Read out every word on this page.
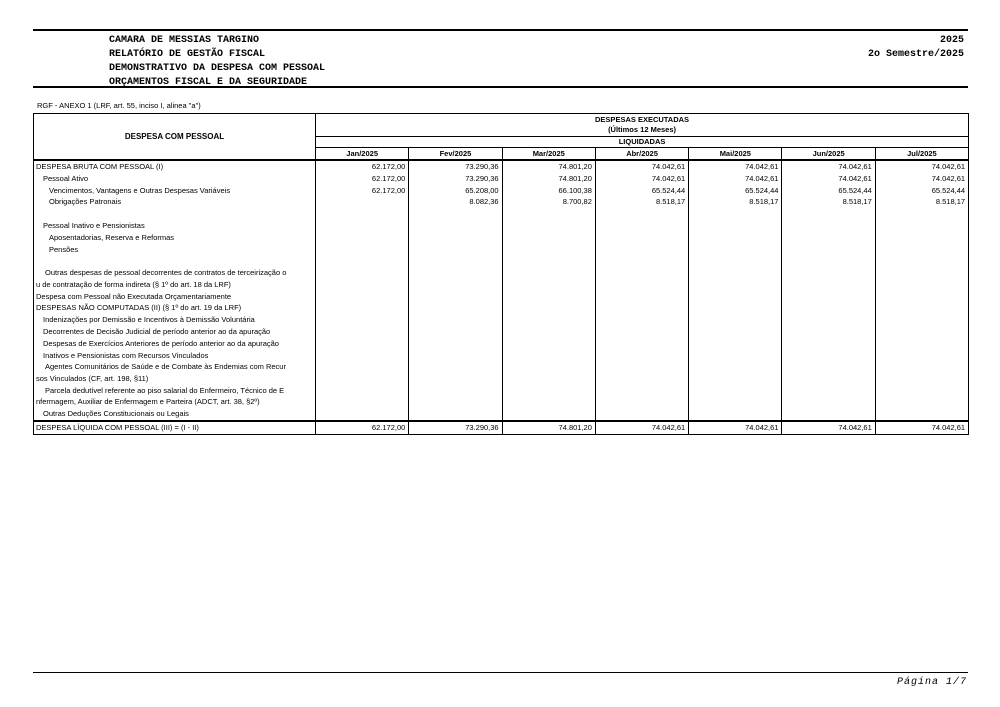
CAMARA DE MESSIAS TARGINO
RELATÓRIO DE GESTÃO FISCAL
DEMONSTRATIVO DA DESPESA COM PESSOAL
ORÇAMENTOS FISCAL E DA SEGURIDADE
2025
2o Semestre/2025
RGF - ANEXO 1 (LRF, art. 55, inciso I, alinea "a")
DESPESA COM PESSOAL	DESPESAS EXECUTADAS
(Últimos 12 Meses)						

	LIQUIDADAS						
	Jan/2025	Fev/2025	Mar/2025	Abr/2025	Mai/2025	Jun/2025	Jul/2025
DESPESA BRUTA COM PESSOAL (I)	62.172,00	73.290,36	74.801,20	74.042,61	74.042,61	74.042,61	74.042,61
Pessoal Ativo	62.172,00	73.290,36	74.801,20	74.042,61	74.042,61	74.042,61	74.042,61
Vencimentos, Vantagens e Outras Despesas Variáveis	62.172,00	65.208,00	66.100,38	65.524,44	65.524,44	65.524,44	65.524,44
Obrigações Patronais		8.082,36	8.700,82	8.518,17	8.518,17	8.518,17	8.518,17

Pessoal Inativo e Pensionistas							
Aposentadorias, Reserva e Reformas							
Pensões							

Outras despesas de pessoal decorrentes de contratos de terceirização o
u de contratação de forma indireta (§ 1º do art. 18 da LRF)							

Despesa com Pessoal não Executada Orçamentariamente							
DESPESAS NÃO COMPUTADAS (II) (§ 1º do art. 19 da LRF)							
Indenizações por Demissão e Incentivos à Demissão Voluntária							
Decorrentes de Decisão Judicial de período anterior ao da apuração							
Despesas de Exercícios Anteriores de período anterior ao da apuração							
Inativos e Pensionistas com Recursos Vinculados							

Agentes Comunitários de Saúde e de Combate às Endemias com Recur
sos Vinculados (CF, art. 198, §11)							

Parcela dedutível referente ao piso salarial do Enfermeiro, Técnico de E
nfermagem, Auxiliar de Enfermagem e Parteira (ADCT, art. 38, §2º)							

Outras Deduções Constitucionais ou Legais							
DESPESA LÍQUIDA COM PESSOAL (III) = (I - II)	62.172,00	73.290,36	74.801,20	74.042,61	74.042,61	74.042,61	74.042,61
Página 1/7
